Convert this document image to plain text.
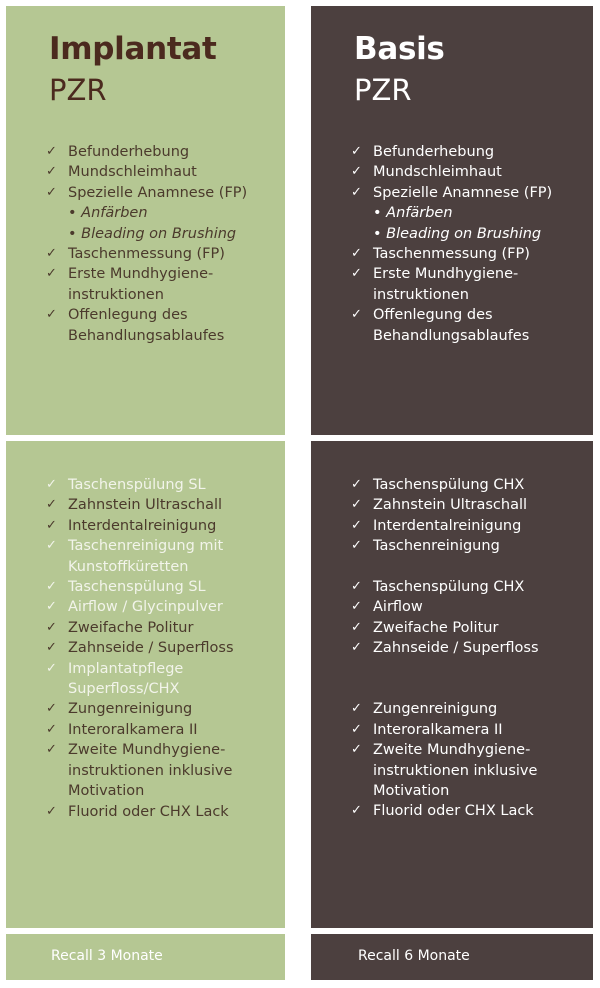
Implantat
PZR
✓ Befunderhebung
✓ Mundschleimhaut
✓ Spezielle Anamnese (FP)
• Anfärben
• Bleading on Brushing
✓ Taschenmessung (FP)
✓ Erste Mundhygiene-
instruktionen
✓ Offenlegung des
Behandlungsablaufes
✓ Taschenspülung SL
✓ Zahnstein Ultraschall
✓ Interdentalreinigung
✓ Taschenreinigung mit
Kunstoffküretten
✓ Taschenspülung SL
✓ Airflow / Glycinpulver
✓ Zweifache Politur
✓ Zahnseide / Superfloss
✓ Implantatpflege
Superfloss/CHX
✓ Zungenreinigung
✓ Interoralkamera II
✓ Zweite Mundhygiene-
instruktionen inklusive
Motivation
✓ Fluorid oder CHX Lack
Recall 3 Monate
Basis
PZR
✓ Befunderhebung
✓ Mundschleimhaut
✓ Spezielle Anamnese (FP)
• Anfärben
• Bleading on Brushing
✓ Taschenmessung (FP)
✓ Erste Mundhygiene-
instruktionen
✓ Offenlegung des
Behandlungsablaufes
✓ Taschenspülung CHX
✓ Zahnstein Ultraschall
✓ Interdentalreinigung
✓ Taschenreinigung
✓ Taschenspülung CHX
✓ Airflow
✓ Zweifache Politur
✓ Zahnseide / Superfloss
✓ Zungenreinigung
✓ Interoralkamera II
✓ Zweite Mundhygiene-
instruktionen inklusive
Motivation
✓ Fluorid oder CHX Lack
Recall 6 Monate
